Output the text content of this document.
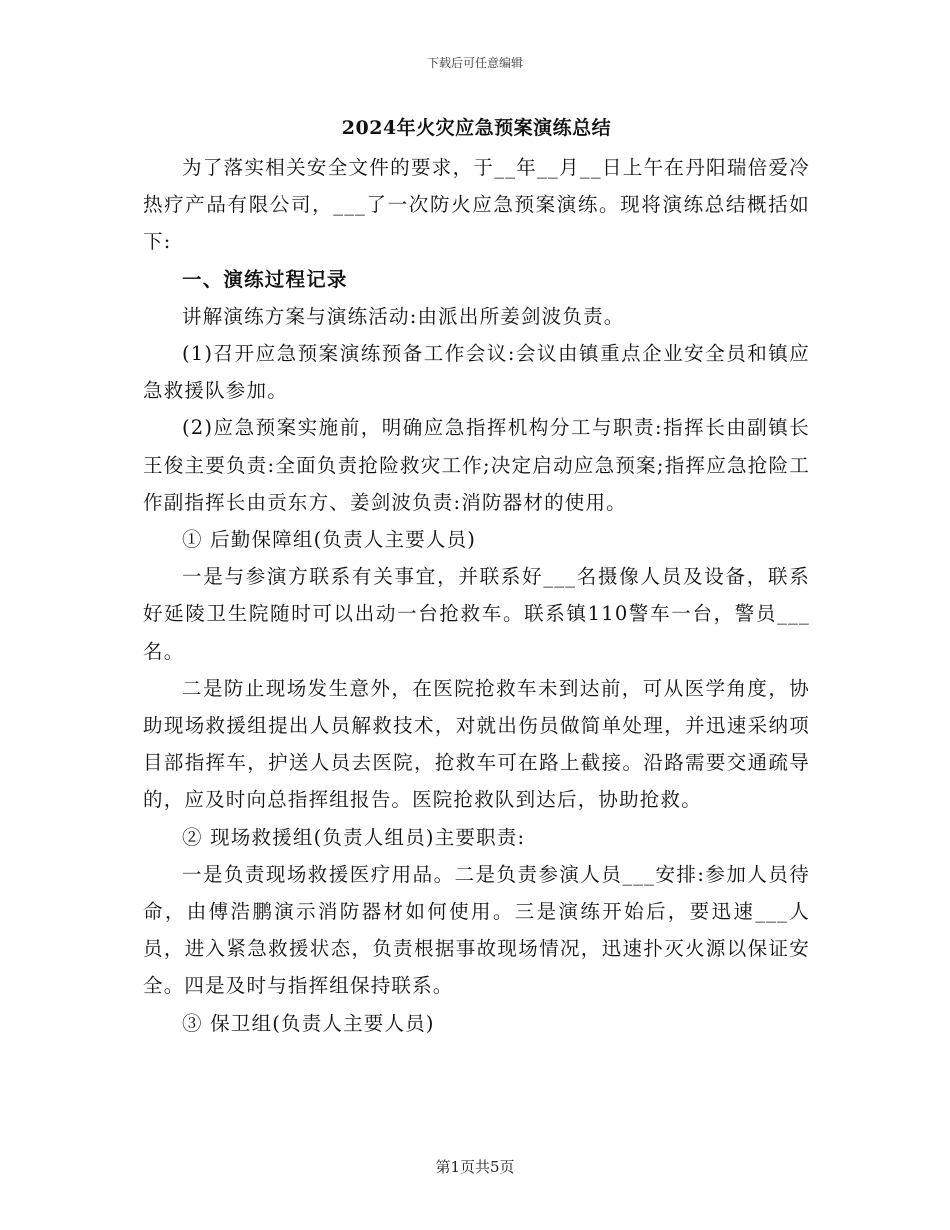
下载后可任意编辑
2024年火灾应急预案演练总结

为了落实相关安全文件的要求，于__年__月__日上午在丹阳瑞倍爱冷热疗产品有限公司，___了一次防火应急预案演练。现将演练总结概括如下:

一、演练过程记录

讲解演练方案与演练活动:由派出所姜剑波负责。

(1)召开应急预案演练预备工作会议:会议由镇重点企业安全员和镇应急救援队参加。

(2)应急预案实施前，明确应急指挥机构分工与职责:指挥长由副镇长王俊主要负责:全面负责抢险救灾工作;决定启动应急预案;指挥应急抢险工作副指挥长由贡东方、姜剑波负责:消防器材的使用。

① 后勤保障组(负责人主要人员)

一是与参演方联系有关事宜，并联系好___名摄像人员及设备，联系好延陵卫生院随时可以出动一台抢救车。联系镇110警车一台，警员___名。

二是防止现场发生意外，在医院抢救车未到达前，可从医学角度，协助现场救援组提出人员解救技术，对就出伤员做简单处理，并迅速采纳项目部指挥车，护送人员去医院，抢救车可在路上截接。沿路需要交通疏导的，应及时向总指挥组报告。医院抢救队到达后，协助抢救。

② 现场救援组(负责人组员)主要职责:

一是负责现场救援医疗用品。二是负责参演人员___安排:参加人员待命，由傅浩鹏演示消防器材如何使用。三是演练开始后，要迅速___人员，进入紧急救援状态，负责根据事故现场情况，迅速扑灭火源以保证安全。四是及时与指挥组保持联系。

③ 保卫组(负责人主要人员)

第1页共5页
